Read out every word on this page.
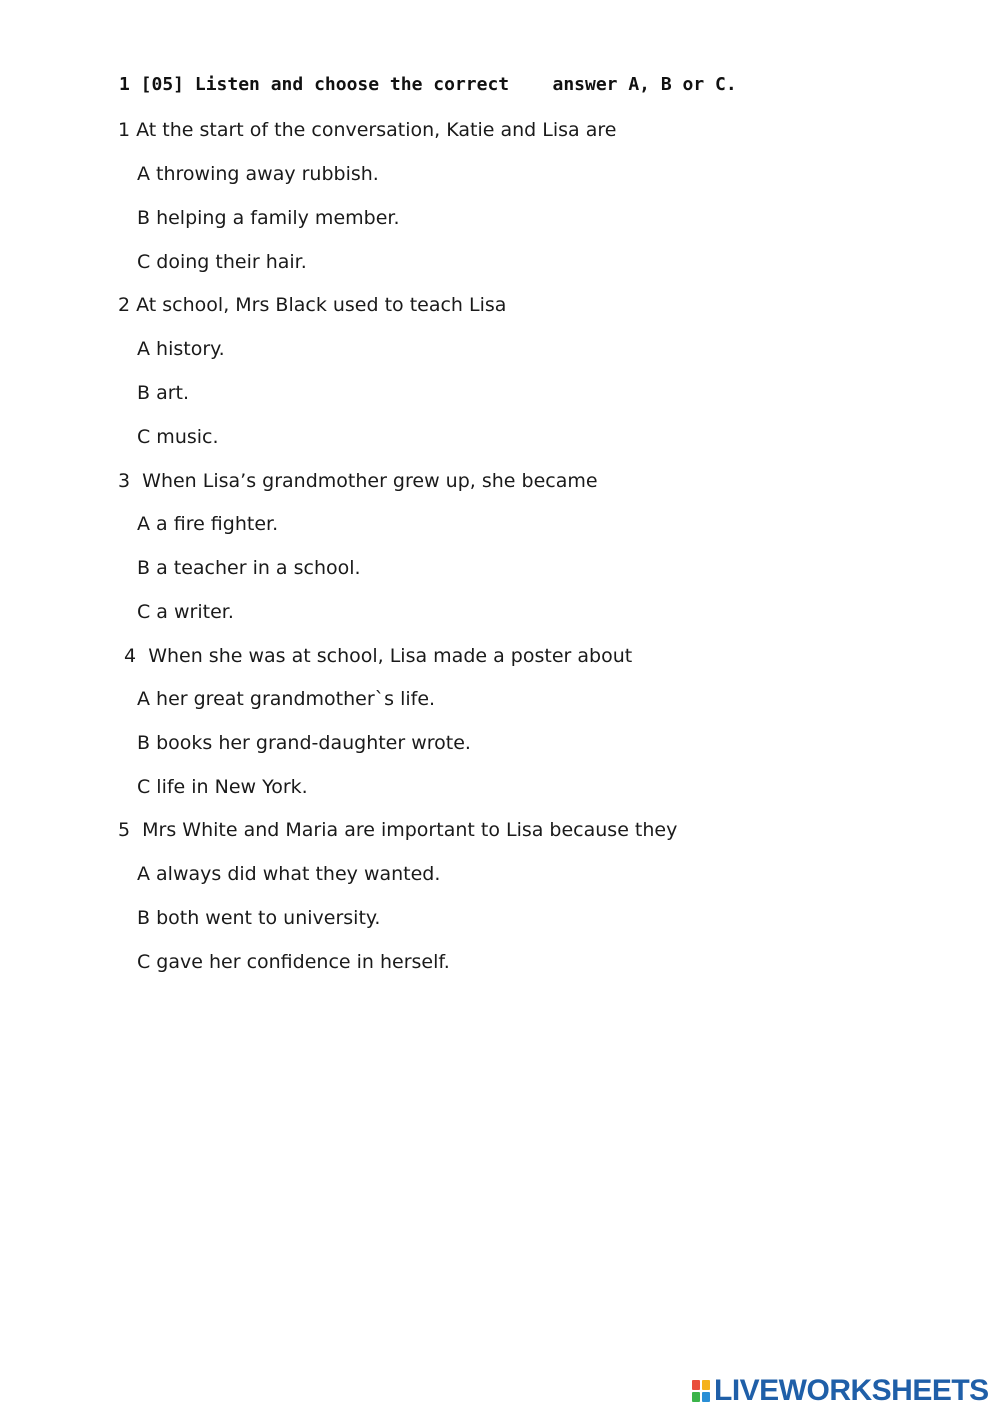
1 [05] Listen and choose the correct    answer A, B or C.
1 At the start of the conversation, Katie and Lisa are
A throwing away rubbish.
B helping a family member.
C doing their hair.
2 At school, Mrs Black used to teach Lisa
A history.
B art.
C music.
3  When Lisa’s grandmother grew up, she became
A a fire fighter.
B a teacher in a school.
C a writer.
4  When she was at school, Lisa made a poster about
A her great grandmother`s life.
B books her grand-daughter wrote.
C life in New York.
5  Mrs White and Maria are important to Lisa because they
A always did what they wanted.
B both went to university.
C gave her confidence in herself.
LIVEWORKSHEETS
